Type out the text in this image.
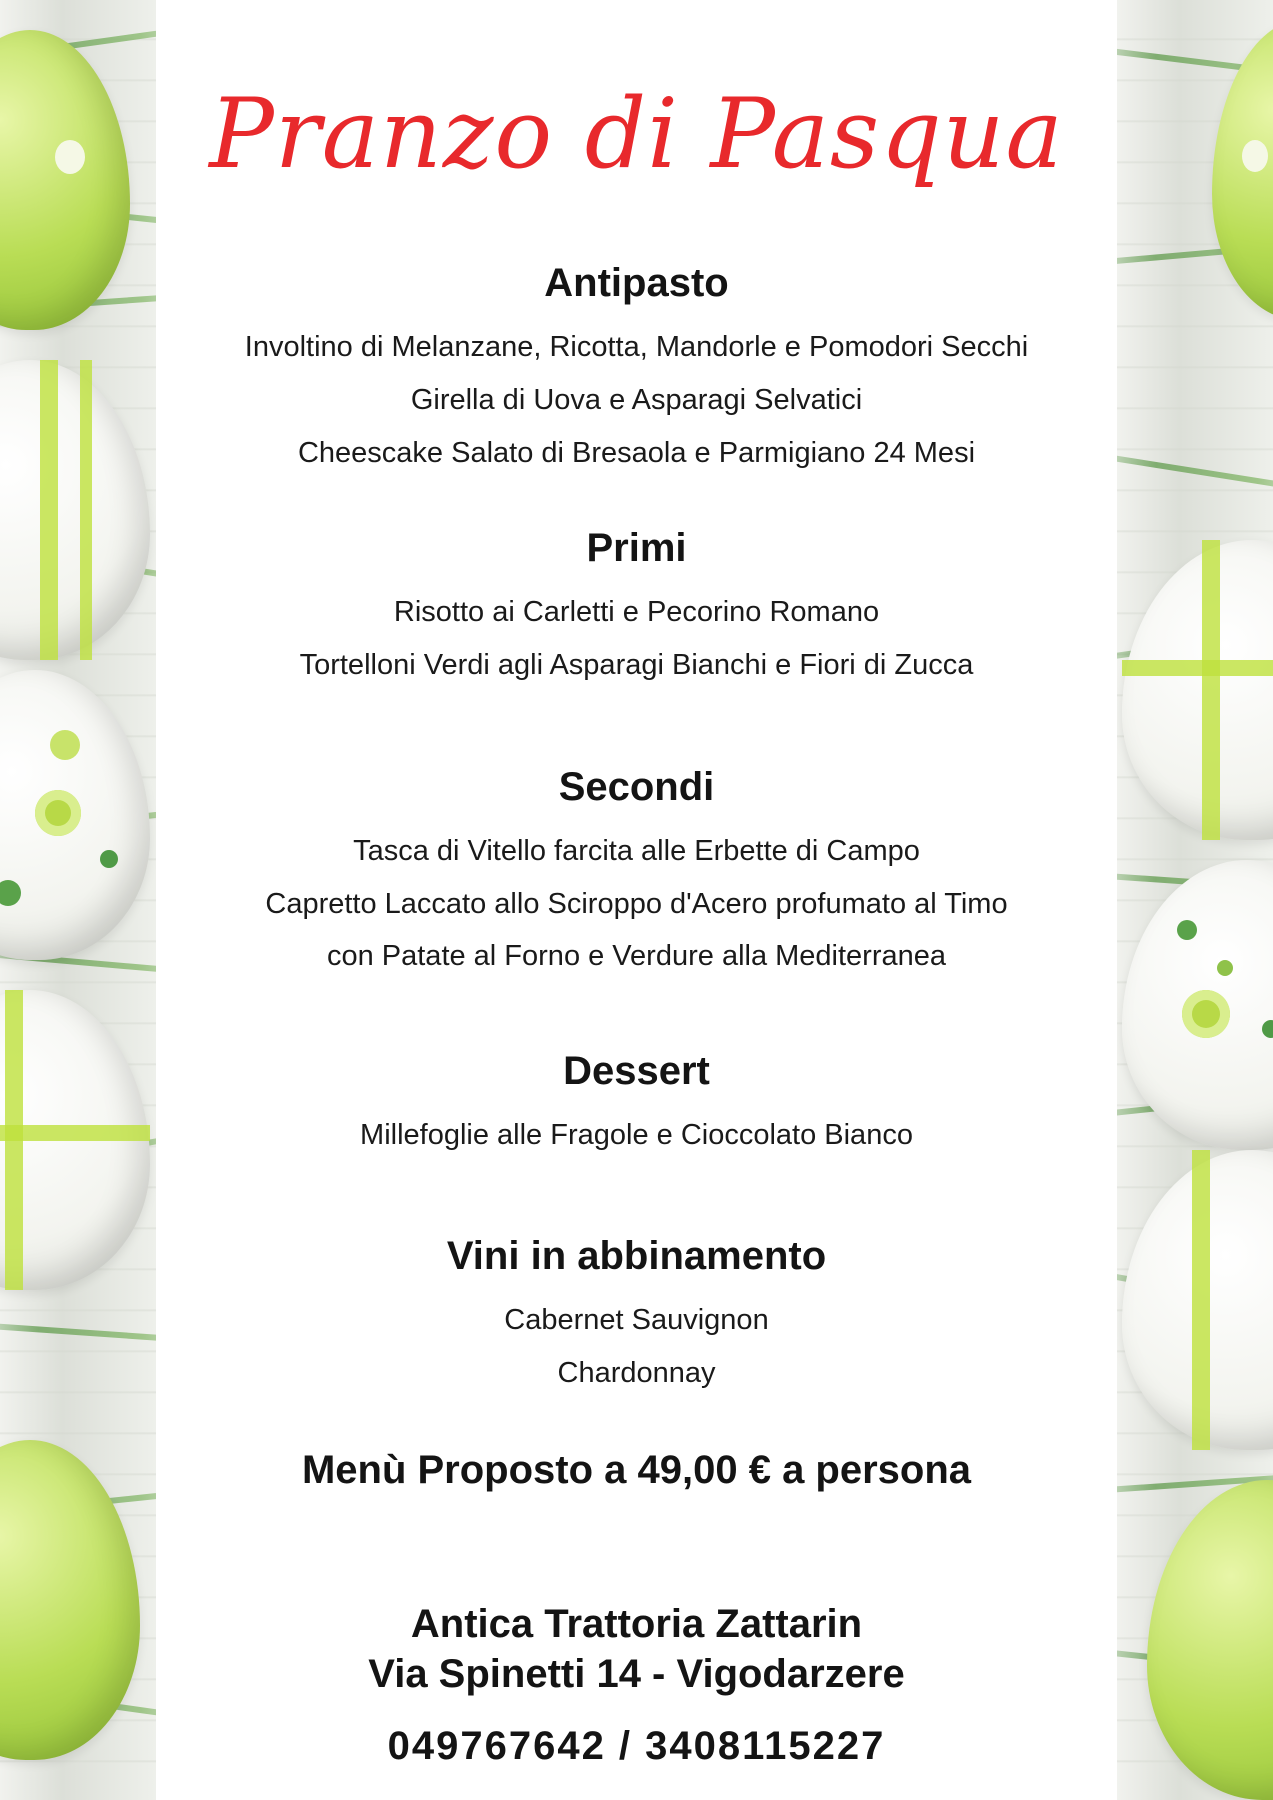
Pranzo di Pasqua
Antipasto
Involtino di Melanzane, Ricotta, Mandorle e Pomodori Secchi
Girella di Uova e Asparagi Selvatici
Cheescake Salato di Bresaola e Parmigiano 24 Mesi
Primi
Risotto ai Carletti e Pecorino Romano
Tortelloni Verdi agli Asparagi Bianchi e Fiori di Zucca
Secondi
Tasca di Vitello farcita alle Erbette di Campo
Capretto Laccato allo Sciroppo d'Acero profumato al Timo
con Patate al Forno e Verdure alla Mediterranea
Dessert
Millefoglie alle Fragole e Cioccolato Bianco
Vini in abbinamento
Cabernet Sauvignon
Chardonnay
Menù Proposto a 49,00 € a persona
Antica Trattoria Zattarin
Via Spinetti 14 - Vigodarzere
049767642 / 3408115227
